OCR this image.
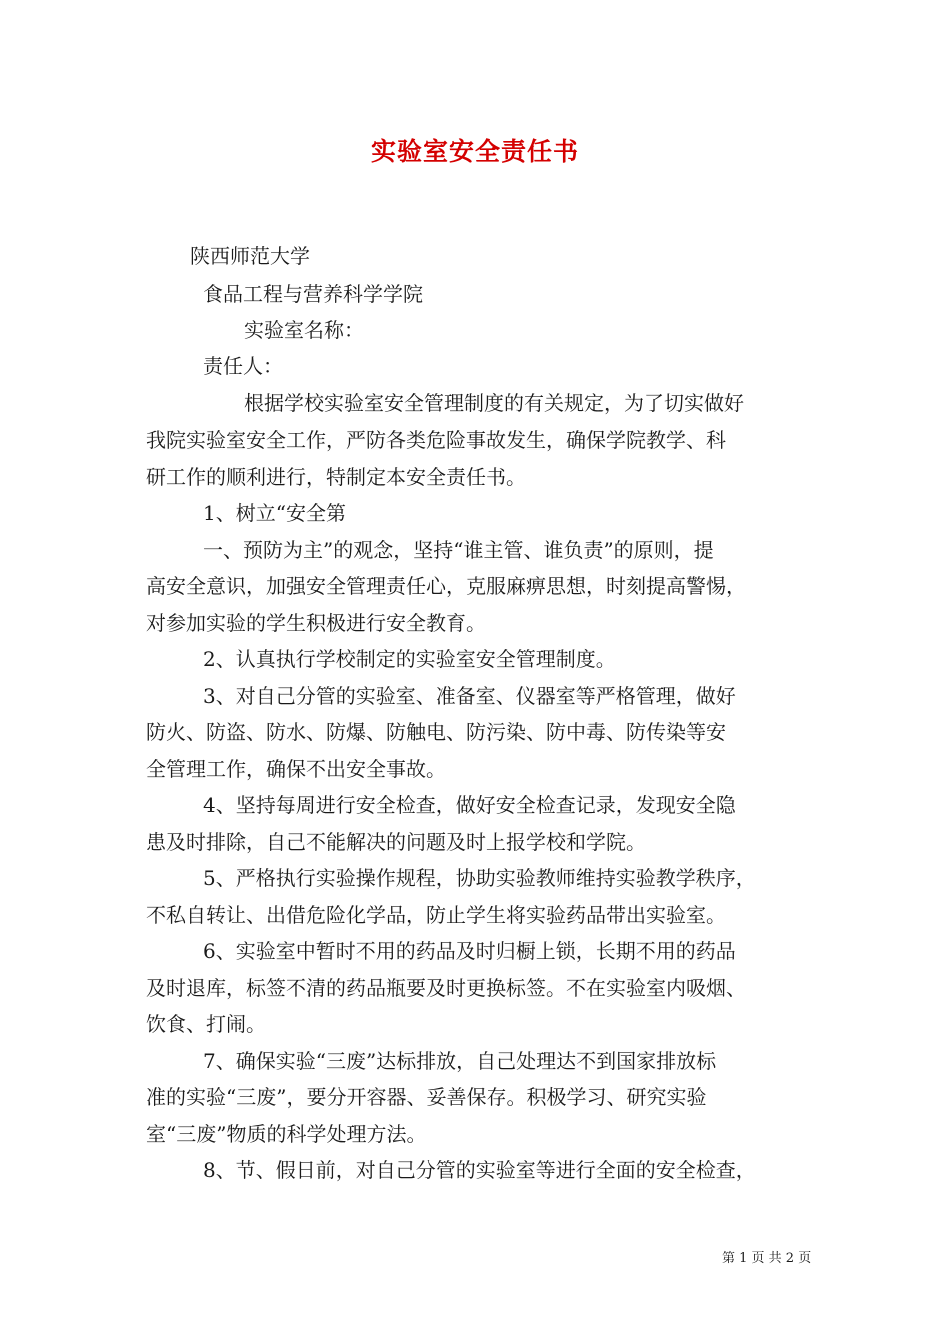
实验室安全责任书
陕西师范大学
食品工程与营养科学学院
实验室名称：
责任人：
根据学校实验室安全管理制度的有关规定，为了切实做好
我院实验室安全工作，严防各类危险事故发生，确保学院教学、科
研工作的顺利进行，特制定本安全责任书。
1、树立“安全第
一、预防为主”的观念，坚持“谁主管、谁负责”的原则，提
高安全意识，加强安全管理责任心，克服麻痹思想，时刻提高警惕，
对参加实验的学生积极进行安全教育。
2、认真执行学校制定的实验室安全管理制度。
3、对自己分管的实验室、准备室、仪器室等严格管理，做好
防火、防盗、防水、防爆、防触电、防污染、防中毒、防传染等安
全管理工作，确保不出安全事故。
4、坚持每周进行安全检查，做好安全检查记录，发现安全隐
患及时排除，自己不能解决的问题及时上报学校和学院。
5、严格执行实验操作规程，协助实验教师维持实验教学秩序，
不私自转让、出借危险化学品，防止学生将实验药品带出实验室。
6、实验室中暂时不用的药品及时归橱上锁，长期不用的药品
及时退库，标签不清的药品瓶要及时更换标签。不在实验室内吸烟、
饮食、打闹。
7、确保实验“三废”达标排放，自己处理达不到国家排放标
准的实验“三废”，要分开容器、妥善保存。积极学习、研究实验
室“三废”物质的科学处理方法。
8、节、假日前，对自己分管的实验室等进行全面的安全检查，
第 1 页 共 2 页
